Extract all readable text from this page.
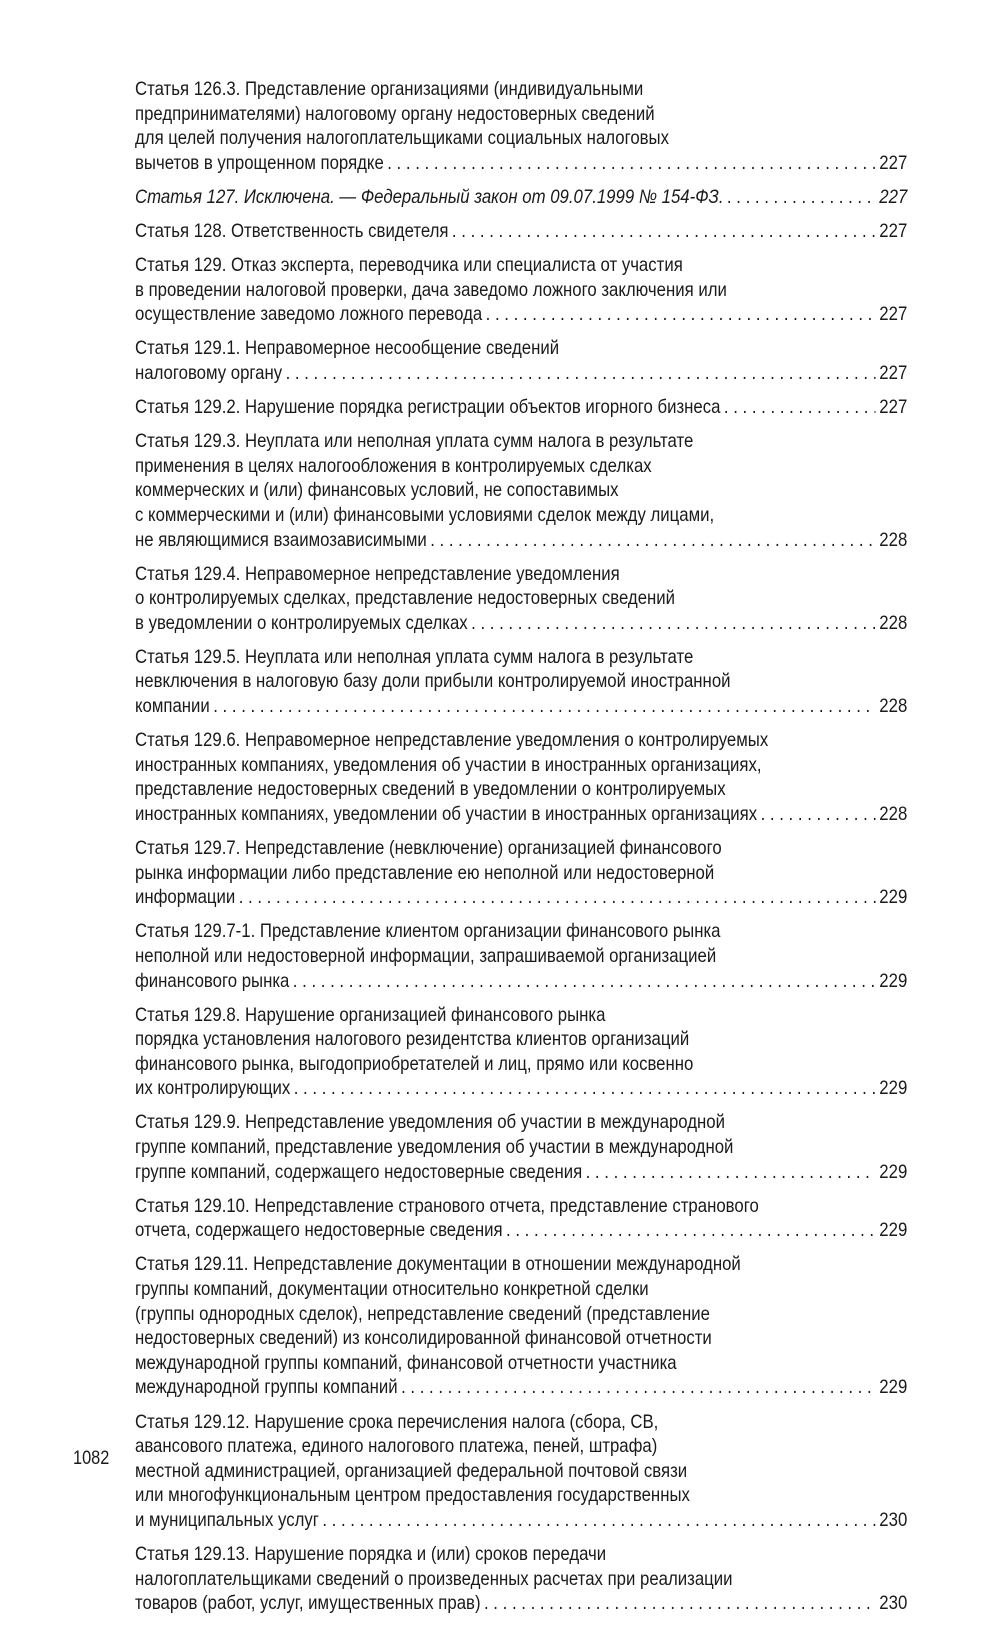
Статья 126.3. Представление организациями (индивидуальными
предпринимателями) налоговому органу недостоверных сведений
для целей получения налогоплательщиками социальных налоговых
вычетов в упрощенном порядке . . .	227
Статья 127. Исключена. — Федеральный закон от 09.07.1999 № 154-ФЗ. . . .	227
Статья 128. Ответственность свидетеля . . .	227
Статья 129. Отказ эксперта, переводчика или специалиста от участия
в проведении налоговой проверки, дача заведомо ложного заключения или
осуществление заведомо ложного перевода . . .	227
Статья 129.1. Неправомерное несообщение сведений
налоговому органу . . .	227
Статья 129.2. Нарушение порядка регистрации объектов игорного бизнеса . . .	227
Статья 129.3. Неуплата или неполная уплата сумм налога в результате
применения в целях налогообложения в контролируемых сделках
коммерческих и (или) финансовых условий, не сопоставимых
с коммерческими и (или) финансовыми условиями сделок между лицами,
не являющимися взаимозависимыми . . .	228
Статья 129.4. Неправомерное непредставление уведомления
о контролируемых сделках, представление недостоверных сведений
в уведомлении о контролируемых сделках . . .	228
Статья 129.5. Неуплата или неполная уплата сумм налога в результате
невключения в налоговую базу доли прибыли контролируемой иностранной
компании . . .	228
Статья 129.6. Неправомерное непредставление уведомления о контролируемых
иностранных компаниях, уведомления об участии в иностранных организациях,
представление недостоверных сведений в уведомлении о контролируемых
иностранных компаниях, уведомлении об участии в иностранных организациях . . .	228
Статья 129.7. Непредставление (невключение) организацией финансового
рынка информации либо представление ею неполной или недостоверной
информации . . .	229
Статья 129.7-1. Представление клиентом организации финансового рынка
неполной или недостоверной информации, запрашиваемой организацией
финансового рынка . . .	229
Статья 129.8. Нарушение организацией финансового рынка
порядка установления налогового резидентства клиентов организаций
финансового рынка, выгодоприобретателей и лиц, прямо или косвенно
их контролирующих . . .	229
Статья 129.9. Непредставление уведомления об участии в международной
группе компаний, представление уведомления об участии в международной
группе компаний, содержащего недостоверные сведения . . .	229
Статья 129.10. Непредставление странового отчета, представление странового
отчета, содержащего недостоверные сведения . . .	229
Статья 129.11. Непредставление документации в отношении международной
группы компаний, документации относительно конкретной сделки
(группы однородных сделок), непредставление сведений (представление
недостоверных сведений) из консолидированной финансовой отчетности
международной группы компаний, финансовой отчетности участника
международной группы компаний . . .	229
Статья 129.12. Нарушение срока перечисления налога (сбора, СВ,
авансового платежа, единого налогового платежа, пеней, штрафа)
местной администрацией, организацией федеральной почтовой связи
или многофункциональным центром предоставления государственных
и муниципальных услуг . . .	230
Статья 129.13. Нарушение порядка и (или) сроков передачи
налогоплательщиками сведений о произведенных расчетах при реализации
товаров (работ, услуг, имущественных прав) . . .	230
1082
